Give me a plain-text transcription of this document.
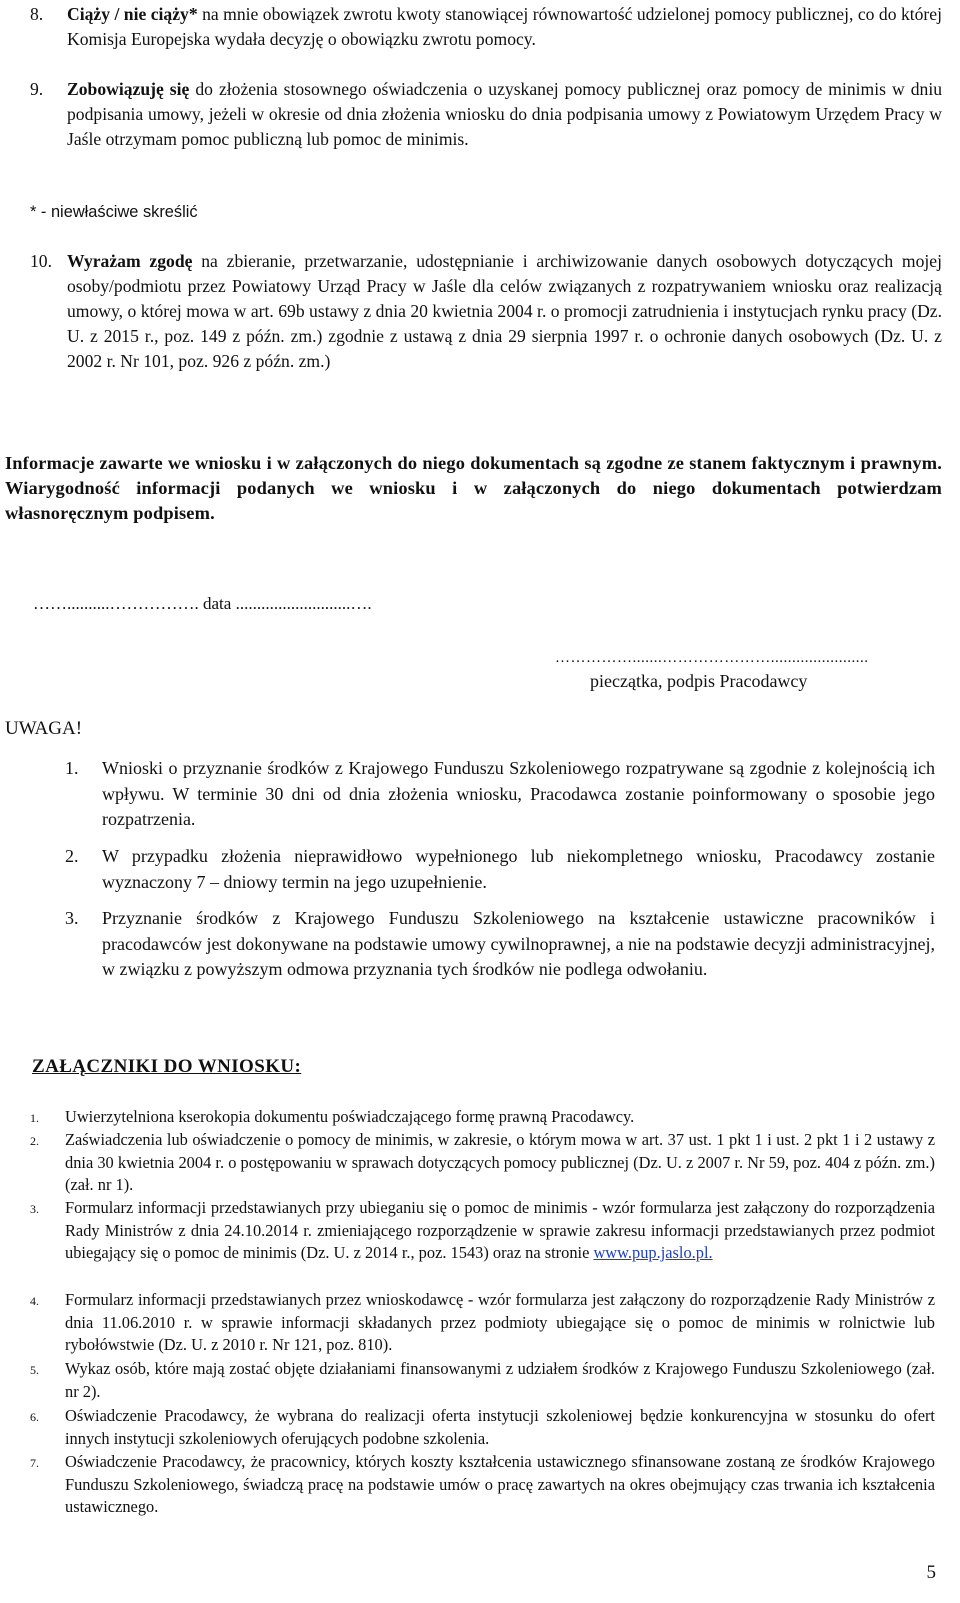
8. Ciąży / nie ciąży* na mnie obowiązek zwrotu kwoty stanowiącej równowartość udzielonej pomocy publicznej, co do której Komisja Europejska wydała decyzję o obowiązku zwrotu pomocy.
9. Zobowiązuję się do złożenia stosownego oświadczenia o uzyskanej pomocy publicznej oraz pomocy de minimis w dniu podpisania umowy, jeżeli w okresie od dnia złożenia wniosku do dnia podpisania umowy z Powiatowym Urzędem Pracy w Jaśle otrzymam pomoc publiczną lub pomoc de minimis.
* - niewłaściwe skreślić
10. Wyrażam zgodę na zbieranie, przetwarzanie, udostępnianie i archiwizowanie danych osobowych dotyczących mojej osoby/podmiotu przez Powiatowy Urząd Pracy w Jaśle dla celów związanych z rozpatrywaniem wniosku oraz realizacją umowy, o której mowa w art. 69b ustawy z dnia 20 kwietnia 2004 r. o promocji zatrudnienia i instytucjach rynku pracy (Dz. U. z 2015 r., poz. 149 z późn. zm.) zgodnie z ustawą z dnia 29 sierpnia 1997 r. o ochronie danych osobowych (Dz. U. z 2002 r. Nr 101, poz. 926 z późn. zm.)
Informacje zawarte we wniosku i w załączonych do niego dokumentach są zgodne ze stanem faktycznym i prawnym. Wiarygodność informacji podanych we wniosku i w załączonych do niego dokumentach potwierdzam własnoręcznym podpisem.
……..........……………. data ...........................….
…………….......………………….......................
pieczątka, podpis Pracodawcy
UWAGA!
1. Wnioski o przyznanie środków z Krajowego Funduszu Szkoleniowego rozpatrywane są zgodnie z kolejnością ich wpływu. W terminie 30 dni od dnia złożenia wniosku, Pracodawca zostanie poinformowany o sposobie jego rozpatrzenia.
2. W przypadku złożenia nieprawidłowo wypełnionego lub niekompletnego wniosku, Pracodawcy zostanie wyznaczony 7 – dniowy termin na jego uzupełnienie.
3. Przyznanie środków z Krajowego Funduszu Szkoleniowego na kształcenie ustawiczne pracowników i pracodawców jest dokonywane na podstawie umowy cywilnoprawnej, a nie na podstawie decyzji administracyjnej, w związku z powyższym odmowa przyznania tych środków nie podlega odwołaniu.
ZAŁĄCZNIKI DO WNIOSKU:
1. Uwierzytelniona kserokopia dokumentu poświadczającego formę prawną Pracodawcy.
2. Zaświadczenia lub oświadczenie o pomocy de minimis, w zakresie, o którym mowa w art. 37 ust. 1 pkt 1 i ust. 2 pkt 1 i 2 ustawy z dnia 30 kwietnia 2004 r. o postępowaniu w sprawach dotyczących pomocy publicznej (Dz. U. z 2007 r. Nr 59, poz. 404 z późn. zm.) (zał. nr 1).
3. Formularz informacji przedstawianych przy ubieganiu się o pomoc de minimis - wzór formularza jest załączony do rozporządzenia Rady Ministrów z dnia 24.10.2014 r. zmieniającego rozporządzenie w sprawie zakresu informacji przedstawianych przez podmiot ubiegający się o pomoc de minimis (Dz. U. z 2014 r., poz. 1543) oraz na stronie www.pup.jaslo.pl.
4. Formularz informacji przedstawianych przez wnioskodawcę - wzór formularza jest załączony do rozporządzenie Rady Ministrów z dnia 11.06.2010 r. w sprawie informacji składanych przez podmioty ubiegające się o pomoc de minimis w rolnictwie lub rybołówstwie (Dz. U. z 2010 r. Nr 121, poz. 810).
5. Wykaz osób, które mają zostać objęte działaniami finansowanymi z udziałem środków z Krajowego Funduszu Szkoleniowego (zał. nr 2).
6. Oświadczenie Pracodawcy, że wybrana do realizacji oferta instytucji szkoleniowej będzie konkurencyjna w stosunku do ofert innych instytucji szkoleniowych oferujących podobne szkolenia.
7. Oświadczenie Pracodawcy, że pracownicy, których koszty kształcenia ustawicznego sfinansowane zostaną ze środków Krajowego Funduszu Szkoleniowego, świadczą pracę na podstawie umów o pracę zawartych na okres obejmujący czas trwania ich kształcenia ustawicznego.
5
